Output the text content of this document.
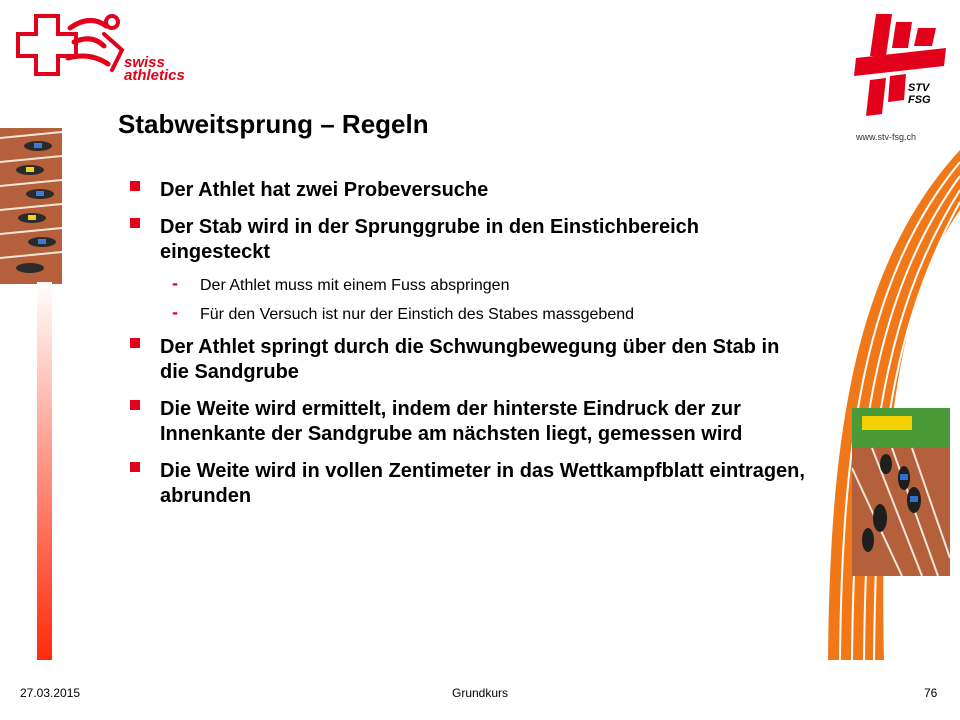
swiss
athletics
STV
FSG
www.stv-fsg.ch
Stabweitsprung – Regeln
Der Athlet hat zwei Probeversuche
Der Stab wird in der Sprunggrube in den Einstichbereich eingesteckt
- Der Athlet muss mit einem Fuss abspringen
- Für den Versuch ist nur der Einstich des Stabes massgebend
Der Athlet springt durch die Schwungbewegung über den Stab in die Sandgrube
Die Weite wird ermittelt, indem der hinterste Eindruck der zur Innenkante der Sandgrube am nächsten liegt, gemessen wird
Die Weite wird in vollen Zentimeter in das Wettkampfblatt eintragen, abrunden
27.03.2015	Grundkurs	76
